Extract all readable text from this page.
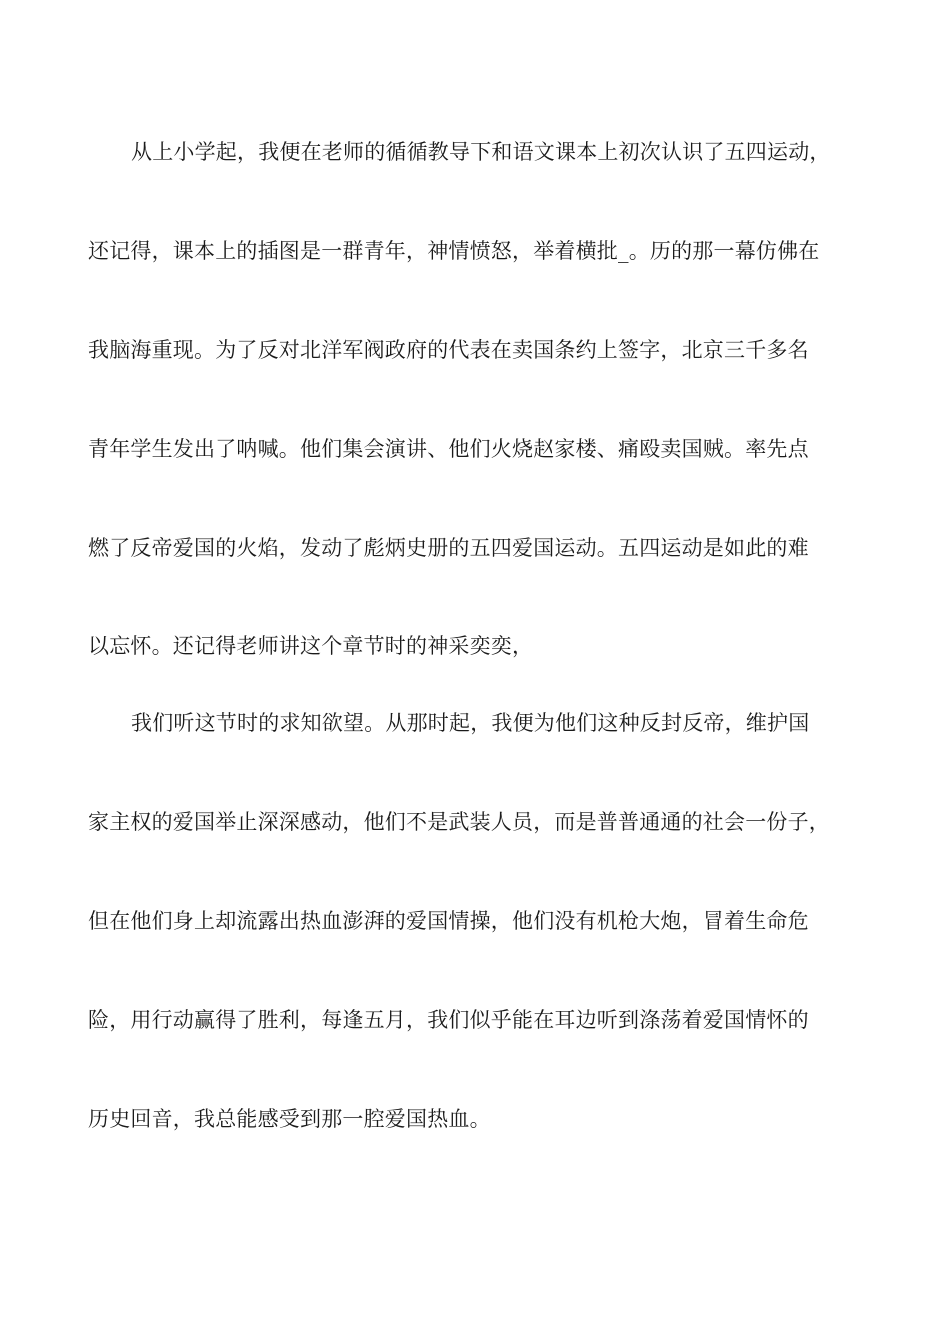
从上小学起，我便在老师的循循教导下和语文课本上初次认识了五四运动，
还记得，课本上的插图是一群青年，神情愤怒，举着横批_。历的那一幕仿佛在
我脑海重现。为了反对北洋军阀政府的代表在卖国条约上签字，北京三千多名
青年学生发出了呐喊。他们集会演讲、他们火烧赵家楼、痛殴卖国贼。率先点
燃了反帝爱国的火焰，发动了彪炳史册的五四爱国运动。五四运动是如此的难
以忘怀。还记得老师讲这个章节时的神采奕奕，
我们听这节时的求知欲望。从那时起，我便为他们这种反封反帝，维护国
家主权的爱国举止深深感动，他们不是武装人员，而是普普通通的社会一份子，
但在他们身上却流露出热血澎湃的爱国情操，他们没有机枪大炮，冒着生命危
险，用行动赢得了胜利，每逢五月，我们似乎能在耳边听到涤荡着爱国情怀的
历史回音，我总能感受到那一腔爱国热血。
